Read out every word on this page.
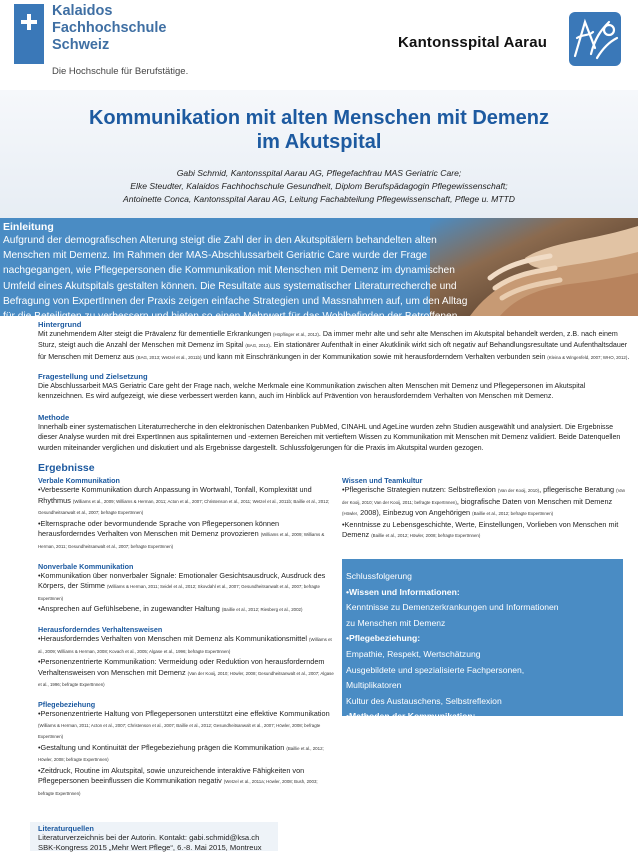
Kalaidos
Fachhochschule
Schweiz
Die Hochschule für Berufstätige.
Kantonsspital Aarau
Kommunikation mit alten Menschen mit Demenz
im Akutspital
Gabi Schmid, Kantonsspital Aarau AG, Pflegefachfrau MAS Geriatric Care;
Elke Steudter, Kalaidos Fachhochschule Gesundheit, Diplom Berufspädagogin Pflegewissenschaft;
Antoinette Conca, Kantonsspital Aarau AG, Leitung Fachabteilung Pflegewissenschaft, Pflege u. MTTD
Einleitung
Aufgrund der demografischen Alterung steigt die Zahl der in den Akutspitälern behandelten alten Menschen mit Demenz. Im Rahmen der MAS-Abschlussarbeit Geriatric Care wurde der Frage nachgegangen, wie Pflegepersonen die Kommunikation mit Menschen mit Demenz im dynamischen Umfeld eines Akutspitals gestalten können. Die Resultate aus systematischer Literaturrecherche und Befragung von ExpertInnen der Praxis zeigen einfache Strategien und Massnahmen auf, um den Alltag für die Beteiligten zu verbessern und bieten so einen Mehrwert für das Wohlbefinden der Betroffenen.
Hintergrund
Mit zunehmendem Alter steigt die Prävalenz für dementielle Erkrankungen (Höpflinger et al., 2012). Da immer mehr alte und sehr alte Menschen im Akutspital behandelt werden, z.B. nach einem Sturz, steigt auch die Anzahl der Menschen mit Demenz im Spital (BAG, 2013). Ein stationärer Aufenthalt in einer Akutklinik wirkt sich oft negativ auf Behandlungsresultate und Aufenthaltsdauer für Menschen mit Demenz aus (BAG, 2013; Wetzel et al., 2011b) und kann mit Einschränkungen in der Kommunikation sowie mit herausforderndem Verhalten verbunden sein (Kleina & Wingenfeld, 2007; WHO, 2012).
Fragestellung und Zielsetzung
Die Abschlussarbeit MAS Geriatric Care geht der Frage nach, welche Merkmale eine Kommunikation zwischen alten Menschen mit Demenz und Pflegepersonen im Akutspital kennzeichnen. Es wird aufgezeigt, wie diese verbessert werden kann, auch im Hinblick auf Prävention von herausforderndem Verhalten von Menschen mit Demenz.
Methode
Innerhalb einer systematischen Literaturrecherche in den elektronischen Datenbanken PubMed, CINAHL und AgeLine wurden zehn Studien ausgewählt und analysiert. Die Ergebnisse dieser Analyse wurden mit drei ExpertInnen aus spitalinternen und -externen Bereichen mit vertieftem Wissen zu Kommunikation mit Menschen mit Demenz validiert. Beide Datenquellen wurden miteinander verglichen und diskutiert und als Ergebnisse dargestellt. Schlussfolgerungen für die Praxis im Akutspital wurden gezogen.
Ergebnisse
Verbale Kommunikation
•Verbesserte Kommunikation durch Anpassung in Wortwahl, Tonfall, Komplexität und Rhythmus (Williams et al., 2009; Williams & Herman, 2011; Acton et al., 2007; Christenson et al., 2011; Wetzel et al., 2011b; Baillie et al., 2012; Gesundheitsanwalt et al., 2007; befragte ExpertInnen)
•Elternsprache oder bevormundende Sprache von Pflegepersonen können herausforderndes Verhalten von Menschen mit Demenz provozieren (Williams et al., 2009; Williams & Herman, 2011; Gesundheitsanwalt et al., 2007; befragte ExpertInnen)
Nonverbale Kommunikation
•Kommunikation über nonverbaler Signale: Emotionaler Gesichtsausdruck, Ausdruck des Körpers, der Stimme (Williams & Herman, 2011; Seidel et al., 2012; Skovdahl et al., 2007; Gesundheitsanwalt et al., 2007; befragte ExpertInnen)
•Ansprechen auf Gefühlsebene, in zugewandter Haltung (Baillie et al., 2012; Riesberg et al., 2002)
Herausforderndes Verhaltensweisen
•Herausforderndes Verhalten von Menschen mit Demenz als Kommunikationsmittel (Williams et al., 2009; Williams & Herman, 2008; Kovach et al., 2005; Algase et al., 1996; befragte ExpertInnen)
•Personenzentrierte Kommunikation: Vermeidung oder Reduktion von herausforderndem Verhaltensweisen von Menschen mit Demenz (Van der Kooij, 2010; Höwler, 2008; Gesundheitsanwalt et al., 2007; Algase et al., 1996; befragte ExpertInnen)
Pflegebeziehung
•Personenzentrierte Haltung von Pflegepersonen unterstützt eine effektive Kommunikation (Williams & Herman, 2011; Acton et al., 2007; Christenson et al., 2007; Baillie et al., 2012; Gesundheitsanwalt et al., 2007; Höwler, 2008; befragte ExpertInnen)
•Gestaltung und Kontinuität der Pflegebeziehung prägen die Kommunikation (Baillie et al., 2012; Höwler, 2008; befragte ExpertInnen)
•Zeitdruck, Routine im Akutspital, sowie unzureichende interaktive Fähigkeiten von Pflegepersonen beeinflussen die Kommunikation negativ (Wetzel et al., 2011a; Höwler, 2008; Bush, 2003; befragte ExpertInnen)
Wissen und Teamkultur
•Pflegerische Strategien nutzen: Selbstreflexion (Van der Kooij, 2010), pflegerische Beratung (Van der Kooij, 2010; Van der Kooij, 2011; befragte ExpertInnen), biografische Daten von Menschen mit Demenz (Höwler, 2008), Einbezug von Angehörigen (Baillie et al., 2012; befragte ExpertInnen)
•Kenntnisse zu Lebensgeschichte, Werte, Einstellungen, Vorlieben von Menschen mit Demenz (Baillie et al., 2012; Höwler, 2008; befragte ExpertInnen)
Schlussfolgerung
•Wissen und Informationen:
Kenntnisse zu Demenzerkrankungen und Informationen
zu Menschen mit Demenz
•Pflegebeziehung:
Empathie, Respekt, Wertschätzung
Ausgebildete und spezialisierte Fachpersonen,
Multiplikatoren
Kultur des Austauschens, Selbstreflexion
•Methoden der Kommunikation:
Breites Instrumentarium an Kommunikationstechniken
Kongruente und personenzentrierte Kommunikation
•Herausforderungen für die Zukunft:
Personelle / strukturelle Anpassungen in Akutspitälern
Literaturquellen
Literaturverzeichnis bei der Autorin. Kontakt: gabi.schmid@ksa.ch
SBK-Kongress 2015 „Mehr Wert Pflege“, 6.-8. Mai 2015, Montreux
